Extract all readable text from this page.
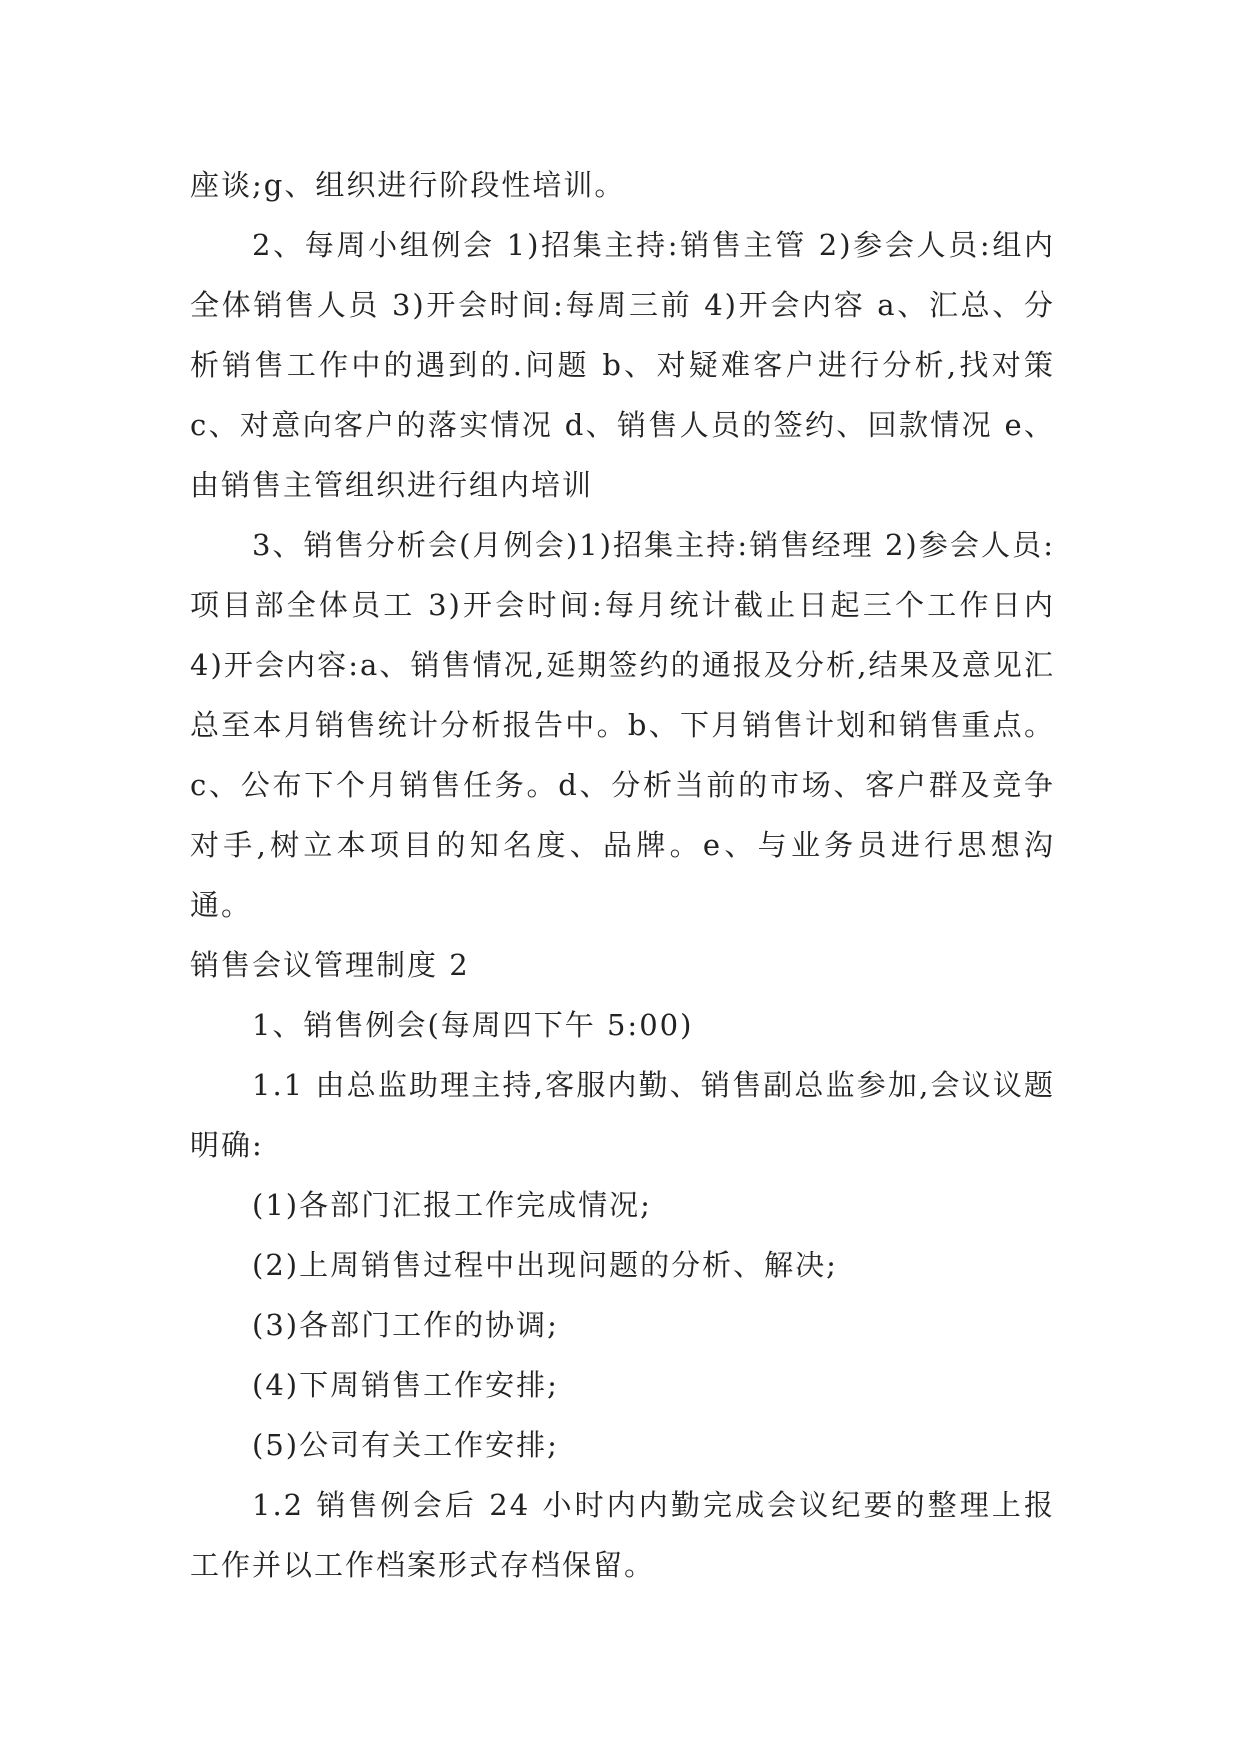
座谈;g、组织进行阶段性培训。

2、每周小组例会 1)招集主持:销售主管 2)参会人员:组内全体销售人员 3)开会时间:每周三前 4)开会内容 a、汇总、分析销售工作中的遇到的.问题 b、对疑难客户进行分析,找对策 c、对意向客户的落实情况 d、销售人员的签约、回款情况 e、由销售主管组织进行组内培训

3、销售分析会(月例会)1)招集主持:销售经理 2)参会人员:项目部全体员工 3)开会时间:每月统计截止日起三个工作日内 4)开会内容:a、销售情况,延期签约的通报及分析,结果及意见汇总至本月销售统计分析报告中。b、下月销售计划和销售重点。c、公布下个月销售任务。d、分析当前的市场、客户群及竞争对手,树立本项目的知名度、品牌。e、与业务员进行思想沟通。

销售会议管理制度 2

1、销售例会(每周四下午 5:00)

1.1 由总监助理主持,客服内勤、销售副总监参加,会议议题明确:

(1)各部门汇报工作完成情况;

(2)上周销售过程中出现问题的分析、解决;

(3)各部门工作的协调;

(4)下周销售工作安排;

(5)公司有关工作安排;

1.2 销售例会后 24 小时内内勤完成会议纪要的整理上报工作并以工作档案形式存档保留。
